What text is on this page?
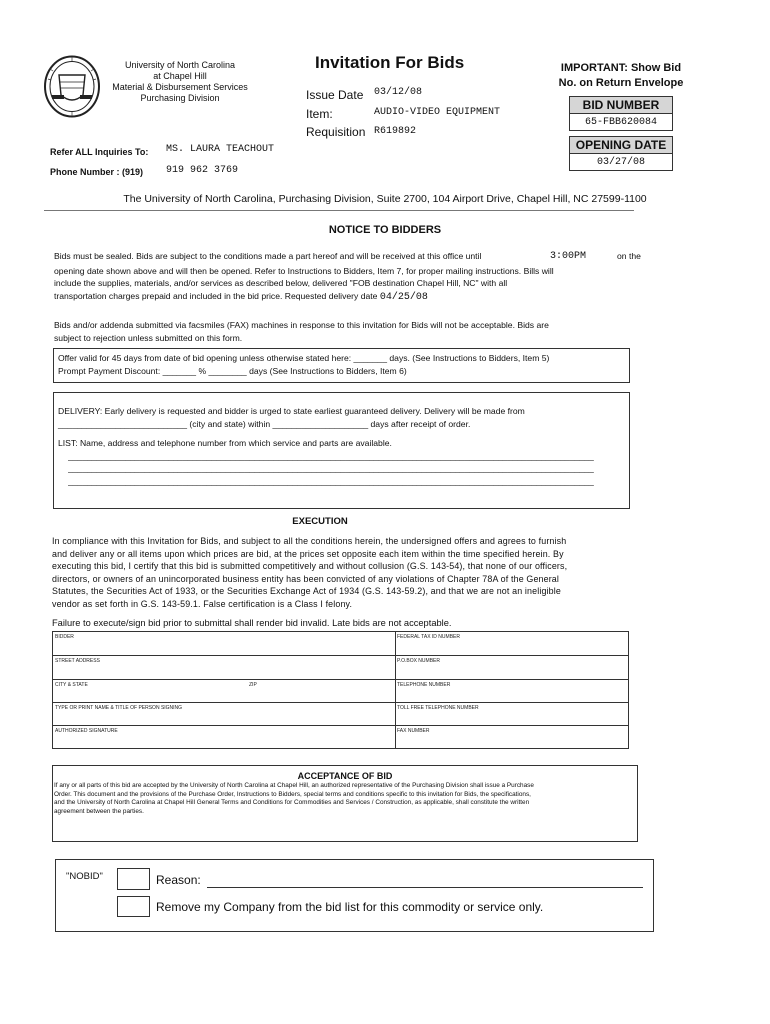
University of North Carolina
at Chapel Hill
Material & Disbursement Services
Purchasing Division
Invitation For Bids
Issue Date 03/12/08
Item:	AUDIO-VIDEO EQUIPMENT
Requisition R619892
IMPORTANT: Show Bid
No. on Return Envelope
BID NUMBER
65-FBB620084
OPENING DATE
03/27/08
Refer ALL Inquiries To: MS. LAURA TEACHOUT
Phone Number : (919) 919 962 3769
The University of North Carolina, Purchasing Division, Suite 2700, 104 Airport Drive, Chapel Hill, NC 27599-1100
NOTICE TO BIDDERS
Bids must be sealed. Bids are subject to the conditions made a part hereof and will be received at this office until	3:00PM	on the
opening date shown above and will then be opened. Refer to Instructions to Bidders, Item 7, for proper mailing instructions. Bills will
include the supplies, materials, and/or services as described below, delivered "FOB destination Chapel Hill, NC" with all
transportation charges prepaid and included in the bid price. Requested delivery date 04/25/08
Bids and/or addenda submitted via facsmiles (FAX) machines in response to this invitation for Bids will not be acceptable. Bids are
subject to rejection unless submitted on this form.
Offer valid for 45 days from date of bid opening unless otherwise stated here: _______ days. (See Instructions to Bidders, Item 5)
Prompt Payment Discount: _______ % ________ days (See Instructions to Bidders, Item 6)
DELIVERY: Early delivery is requested and bidder is urged to state earliest guaranteed delivery. Delivery will be made from
___________________________ (city and state) within ____________________ days after receipt of order.
LIST: Name, address and telephone number from which service and parts are available.
______________________________________________________________________________________________________________
______________________________________________________________________________________________________________
______________________________________________________________________________________________________________
EXECUTION
In compliance with this Invitation for Bids, and subject to all the conditions herein, the undersigned offers and agrees to furnish
and deliver any or all items upon which prices are bid, at the prices set opposite each item within the time specified herein. By
executing this bid, I certify that this bid is submitted competitively and without collusion (G.S. 143-54), that none of our officers,
directors, or owners of an unincorporated business entity has been convicted of any violations of Chapter 78A of the General
Statutes, the Securities Act of 1933, or the Securities Exchange Act of 1934 (G.S. 143-59.2), and that we are not an ineligible
vendor as set forth in G.S. 143-59.1. False certification is a Class I felony.
Failure to execute/sign bid prior to submittal shall render bid invalid. Late bids are not acceptable.
BIDDER	FEDERAL TAX ID NUMBER
STREET ADDRESS	P.O.BOX NUMBER
CITY & STATE	ZIP	TELEPHONE NUMBER
TYPE OR PRINT NAME & TITLE OF PERSON SIGNING	TOLL FREE TELEPHONE NUMBER
AUTHORIZED SIGNATURE	FAX NUMBER
ACCEPTANCE OF BID
If any or all parts of this bid are accepted by the University of North Carolina at Chapel Hill, an authorized representative of the Purchasing Division shall issue a Purchase
Order. This document and the provisions of the Purchase Order, Instructions to Bidders, special terms and conditions specific to this invitation for Bids, the specifications,
and the University of North Carolina at Chapel Hill General Terms and Conditions for Commodities and Services / Construction, as applicable, shall constitute the written
agreement between the parties.
"NOBID"	Reason:
Remove my Company from the bid list for this commodity or service only.
